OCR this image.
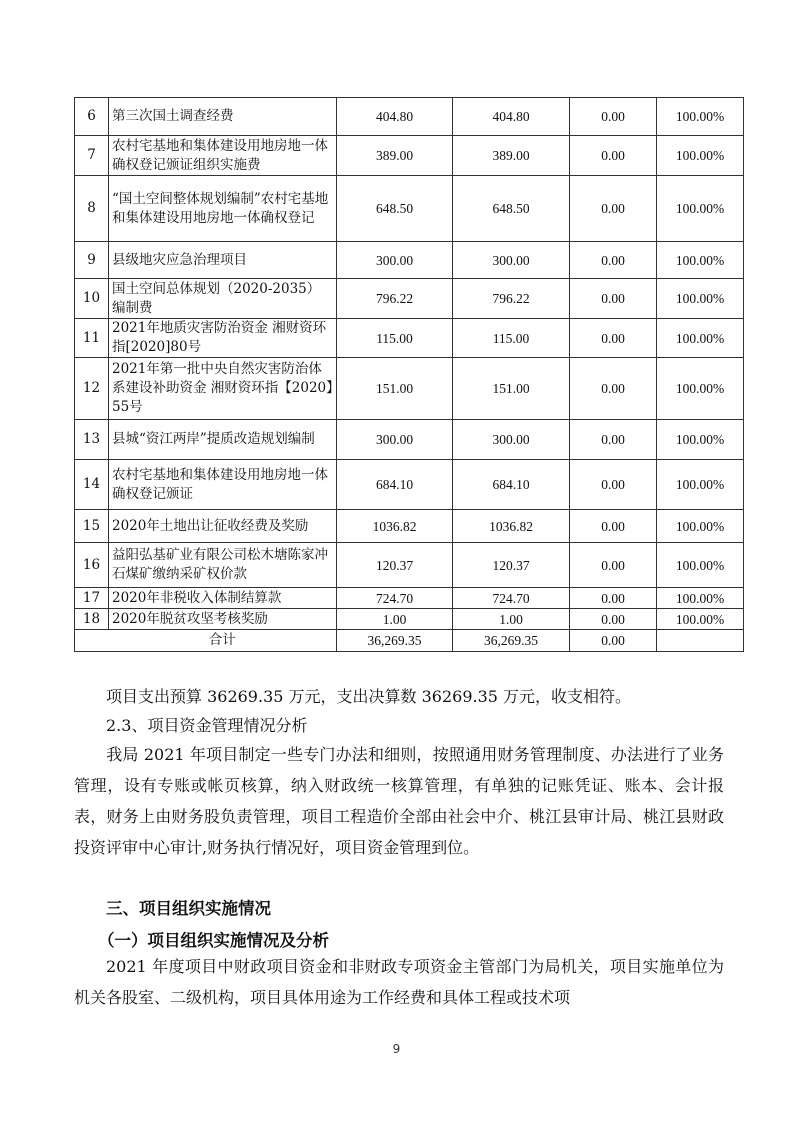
6	第三次国土调查经费	404.80	404.80	0.00	100.00%
7	农村宅基地和集体建设用地房地一体确权登记颁证组织实施费	389.00	389.00	0.00	100.00%
8	“国土空间整体规划编制”农村宅基地和集体建设用地房地一体确权登记	648.50	648.50	0.00	100.00%
9	县级地灾应急治理项目	300.00	300.00	0.00	100.00%
10	国土空间总体规划（2020-2035）编制费	796.22	796.22	0.00	100.00%
11	2021年地质灾害防治资金 湘财资环指[2020]80号	115.00	115.00	0.00	100.00%
12	2021年第一批中央自然灾害防治体系建设补助资金 湘财资环指【2020】55号	151.00	151.00	0.00	100.00%
13	县城“资江两岸”提质改造规划编制	300.00	300.00	0.00	100.00%
14	农村宅基地和集体建设用地房地一体确权登记颁证	684.10	684.10	0.00	100.00%
15	2020年土地出让征收经费及奖励	1036.82	1036.82	0.00	100.00%
16	益阳弘基矿业有限公司松木塘陈家冲石煤矿缴纳采矿权价款	120.37	120.37	0.00	100.00%
17	2020年非税收入体制结算款	724.70	724.70	0.00	100.00%
18	2020年脱贫攻坚考核奖励	1.00	1.00	0.00	100.00%
	合计	36,269.35	36,269.35	0.00	
项目支出预算 36269.35 万元，支出决算数 36269.35 万元，收支相符。
2.3、项目资金管理情况分析
我局 2021 年项目制定一些专门办法和细则，按照通用财务管理制度、办法进行了业务管理，设有专账或帐页核算，纳入财政统一核算管理，有单独的记账凭证、账本、会计报表，财务上由财务股负责管理，项目工程造价全部由社会中介、桃江县审计局、桃江县财政投资评审中心审计,财务执行情况好，项目资金管理到位。
三、项目组织实施情况
（一）项目组织实施情况及分析
2021 年度项目中财政项目资金和非财政专项资金主管部门为局机关，项目实施单位为机关各股室、二级机构，项目具体用途为工作经费和具体工程或技术项
9
